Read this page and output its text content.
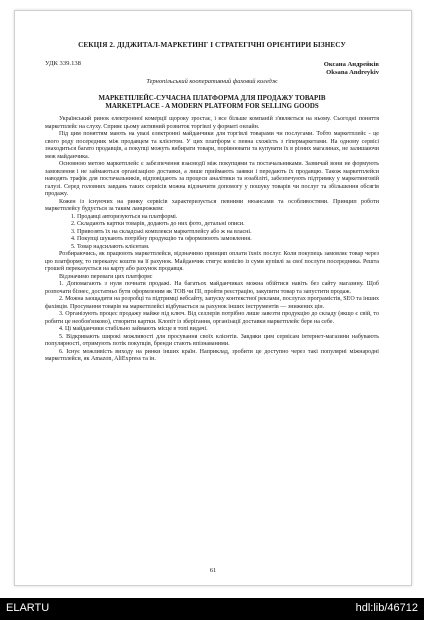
СЕКЦІЯ 2. ДІДЖИТАЛ-МАРКЕТИНГ І СТРАТЕГІЧНІ ОРІЄНТИРИ БІЗНЕСУ
УДК 339.138	Оксана Андрейків
Oksana Andreykiv
Тернопільський кооперативний фаховий коледж
МАРКЕТПЛЕЙС-СУЧАСНА ПЛАТФОРМА ДЛЯ ПРОДАЖУ ТОВАРІВ
MARKETPLACE - A MODERN PLATFORM FOR SELLING GOODS

Український ринок електронної комерції щороку зростає, і все більше компаній з'являється на ньому. Сьогодні поняття маркетплейс на слуху. Сприяє цьому активний розвиток торгівлі у форматі онлайн.

Під цим поняттям мають на увазі електронні майданчики для торгівлі товарами чи послугами. Тобто маркетплейс - це свого роду посередник між продавцем та клієнтом. У цих платформ є певна схожість з гіпермаркетами. На одному сервісі знаходиться багато продавців, а покупці можуть вибирати товари, порівнювати та купувати їх в різних магазинах, не залишаючи меж майданчика.

Основною метою маркетплейс є забезпечення взаємодії між покупцями та постачальниками. Зазвичай вони не формують замовлення і не займаються організацією доставки, а лише приймають заявки і передають їх продавцю. Також маркетплейси наводять трафік для постачальників, відповідають за процеси аналітики та юзабіліті, забезпечують підтримку у маркетинговій галузі. Серед головних завдань таких сервісів можна відзначити допомогу у пошуку товарів чи послуг та збільшення обсягів продажу.

Кожен із існуючих на ринку сервісів характеризується певними нюансами та особливостями. Принцип роботи маркетплейсу будується за таким ланцюжком:

1. Продавці авторизуються на платформі.
2. Складають картки товарів, додають до них фото, детальні описи.
3. Привозять їх на складські комплекси маркетплейсу або ж на власні.
4. Покупці шукають потрібну продукцію та оформлюють замовлення.
5. Товар надсилають клієнтам.

Розбираючись, як працюють маркетплейси, відзначимо принцип оплати їхніх послуг. Коли покупець замовляє товар через цю платформу, то переказує кошти на її рахунок. Майданчик стягує комісію із суми купівлі за свої послуги посередника. Решта грошей переказується на карту або рахунок продавця.

Відзначимо переваги цих платформ:

1. Допомагають з нуля почнати продажі. На багатьох майданчиках можна обійтися навіть без сайту магазину. Щоб розпочати бізнес, достатньо бути оформленим як ТОВ чи ПІ, пройти реєстрацію, закупити товар та запустити продаж.

2. Можна заощадити на розробці та підтримці вебсайту, запуску контекстної реклами, послугах програмістів, SEO та інших фахівців. Просування товарів на маркетплейсі відбувається за рахунок інших інструментів — знижених цін.

3. Організують процес продажу майже під ключ. Від селлерів потрібно лише завезти продукцію до складу (якщо є свій, то робити це необов'язково), створити картки. Клопіт із зберігання, організації доставки маркетплейс бере на себе.

4. Ці майданчики стабільно займають місце в топі видачі.

5. Відкривають широкі можливості для просування своїх клієнтів. Завдяки цим сервісам інтернет-магазини набувають популярності, отримують потік покупців, бренди стають впізнаваними.

6. Існує можливість виходу на ринки інших країн. Наприклад, зробити це доступно через такі популярні міжнародні маркетплейси, як Amazon, AliExpress та ін.

61
ELARTU	hdl:lib/46712
